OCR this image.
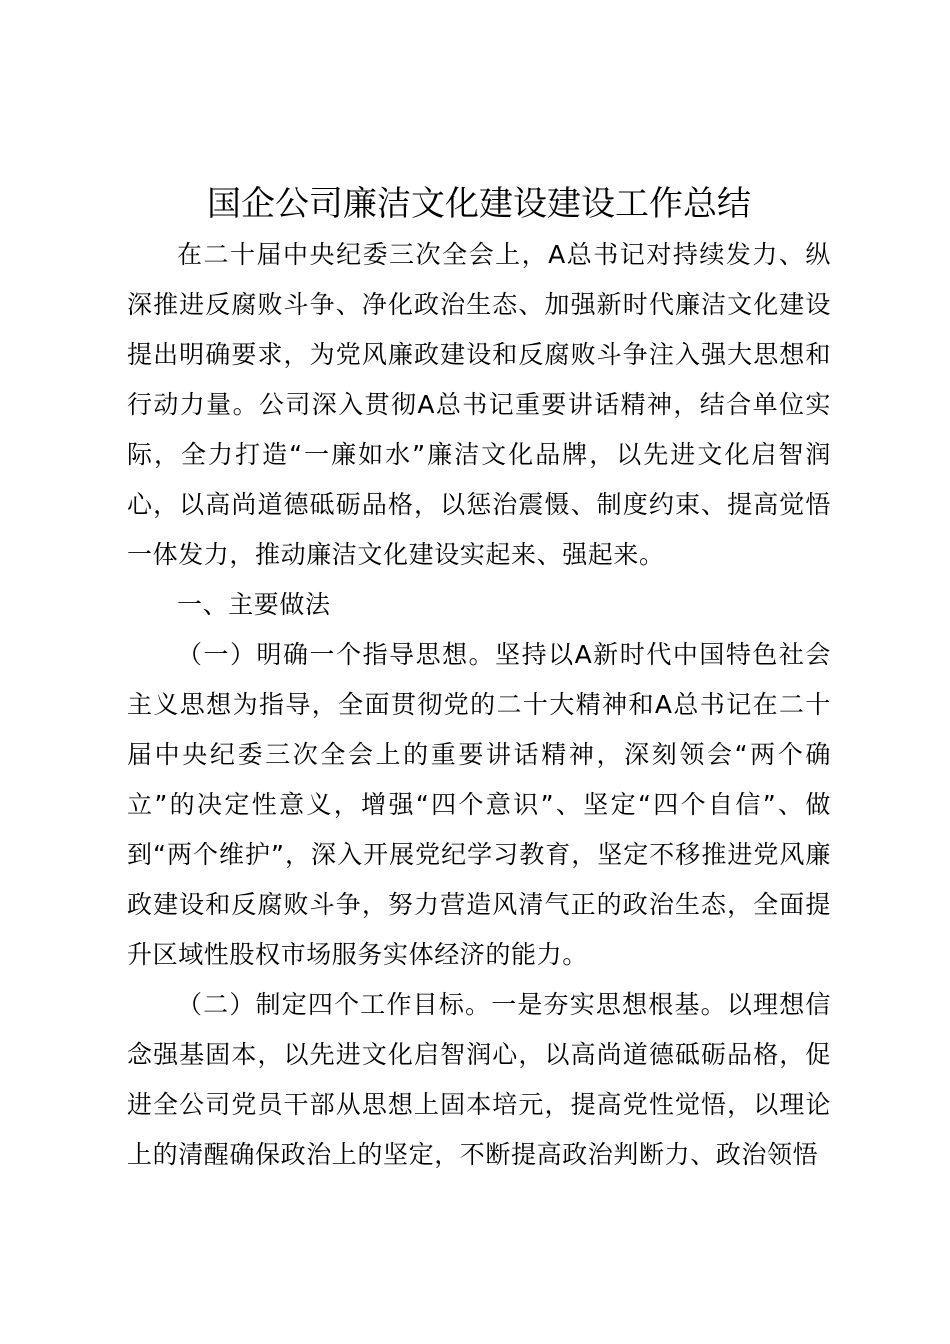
国企公司廉洁文化建设建设工作总结

在二十届中央纪委三次全会上，A总书记对持续发力、纵深推进反腐败斗争、净化政治生态、加强新时代廉洁文化建设提出明确要求，为党风廉政建设和反腐败斗争注入强大思想和行动力量。公司深入贯彻A总书记重要讲话精神，结合单位实际，全力打造“一廉如水”廉洁文化品牌，以先进文化启智润心，以高尚道德砥砺品格，以惩治震慑、制度约束、提高觉悟一体发力，推动廉洁文化建设实起来、强起来。

一、主要做法

（一）明确一个指导思想。坚持以A新时代中国特色社会主义思想为指导，全面贯彻党的二十大精神和A总书记在二十届中央纪委三次全会上的重要讲话精神，深刻领会“两个确立”的决定性意义，增强“四个意识”、坚定“四个自信”、做到“两个维护”，深入开展党纪学习教育，坚定不移推进党风廉政建设和反腐败斗争，努力营造风清气正的政治生态，全面提升区域性股权市场服务实体经济的能力。

（二）制定四个工作目标。一是夯实思想根基。以理想信念强基固本，以先进文化启智润心，以高尚道德砥砺品格，促进全公司党员干部从思想上固本培元，提高党性觉悟，以理论上的清醒确保政治上的坚定，不断提高政治判断力、政治领悟
